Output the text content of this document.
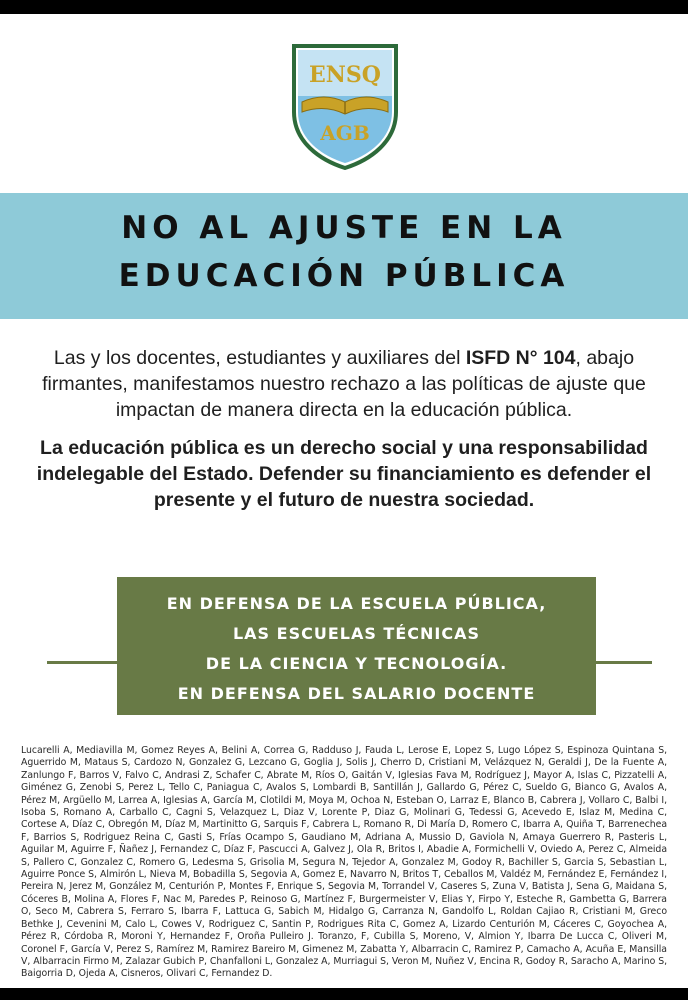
ENSQ
AGB
NO AL AJUSTE EN LA
EDUCACIÓN PÚBLICA
Las y los docentes, estudiantes y auxiliares del ISFD N° 104, abajo firmantes, manifestamos nuestro rechazo a las políticas de ajuste que impactan de manera directa en la educación pública.
La educación pública es un derecho social y una responsabilidad indelegable del Estado. Defender su financiamiento es defender el presente y el futuro de nuestra sociedad.
EN DEFENSA DE LA ESCUELA PÚBLICA,
LAS ESCUELAS TÉCNICAS
DE LA CIENCIA Y TECNOLOGÍA.
EN DEFENSA DEL SALARIO DOCENTE
Lucarelli A, Mediavilla M, Gomez Reyes A, Belini A, Correa G, Radduso J, Fauda L, Lerose E, Lopez S, Lugo López S, Espinoza Quintana S, Aguerrido M, Mataus S, Cardozo N, Gonzalez G, Lezcano G, Goglia J, Solis J, Cherro D, Cristiani M, Velázquez N, Geraldi J, De la Fuente A, Zanlungo F, Barros V, Falvo C, Andrasi Z, Schafer C, Abrate M, Ríos O, Gaitán V, Iglesias Fava M, Rodríguez J, Mayor A, Islas C, Pizzatelli A, Giménez G, Zenobi S, Perez L, Tello C, Paniagua C, Avalos S, Lombardi B, Santillán J, Gallardo G, Pérez C, Sueldo G, Bianco G, Avalos A, Pérez M, Argüello M, Larrea A, Iglesias A, García M, Clotildi M, Moya M, Ochoa N, Esteban O, Larraz E, Blanco B, Cabrera J, Vollaro C, Balbi I, Isoba S, Romano A, Carballo C, Cagni S, Velazquez L, Diaz V, Lorente P, Diaz G, Molinari G, Tedessi G, Acevedo E, Islaz M, Medina C, Cortese A, Díaz C, Obregón M, Díaz M, Martinitto G, Sarquis F, Cabrera L, Romano R, Di María D, Romero C, Ibarra A, Quiña T, Barrenechea F, Barrios S, Rodriguez Reina C, Gasti S, Frías Ocampo S, Gaudiano M, Adriana A, Mussio D, Gaviola N, Amaya Guerrero R, Pasteris L, Aguilar M, Aguirre F, Ñañez J, Fernandez C, Díaz F, Pascucci A, Galvez J, Ola R, Britos I, Abadie A, Formichelli V, Oviedo A, Perez C, Almeida S, Pallero C, Gonzalez C, Romero G, Ledesma S, Grisolia M, Segura N, Tejedor A, Gonzalez M, Godoy R, Bachiller S, Garcia S, Sebastian L, Aguirre Ponce S, Almirón L, Nieva M, Bobadilla S, Segovia A, Gomez E, Navarro N, Britos T, Ceballos M, Valdéz M, Fernández E, Fernández I, Pereira N, Jerez M, González M, Centurión P, Montes F, Enrique S, Segovia M, Torrandel V, Caseres S, Zuna V, Batista J, Sena G, Maidana S, Cóceres B, Molina A, Flores F, Nac M, Paredes P, Reinoso G, Martínez F, Burgermeister V, Elias Y, Firpo Y, Esteche R, Gambetta G, Barrera O, Seco M, Cabrera S, Ferraro S, Ibarra F, Lattuca G, Sabich M, Hidalgo G, Carranza N, Gandolfo L, Roldan Cajiao R, Cristiani M, Greco Bethke J, Cevenini M, Calo L, Cowes V, Rodriguez C, Santin P, Rodrigues Rita C, Gomez A, Lizardo Centurión M, Cáceres C, Goyochea A, Pérez R, Córdoba R, Moroni Y, Hernandez F, Oroña Pulleiro J. Toranzo, F, Cubilla S, Moreno, V, Almion Y, Ibarra De Lucca C, Oliveri M, Coronel F, García V, Perez S, Ramírez M, Ramirez Bareiro M, Gimenez M, Zabatta Y, Albarracin C, Ramirez P, Camacho A, Acuña E, Mansilla V, Albarracin Firmo M, Zalazar Gubich P, Chanfalloni L, Gonzalez A, Murriagui S, Veron M, Nuñez V, Encina R, Godoy R, Saracho A, Marino S, Baigorria D, Ojeda A, Cisneros, Olivari C, Fernandez D.
